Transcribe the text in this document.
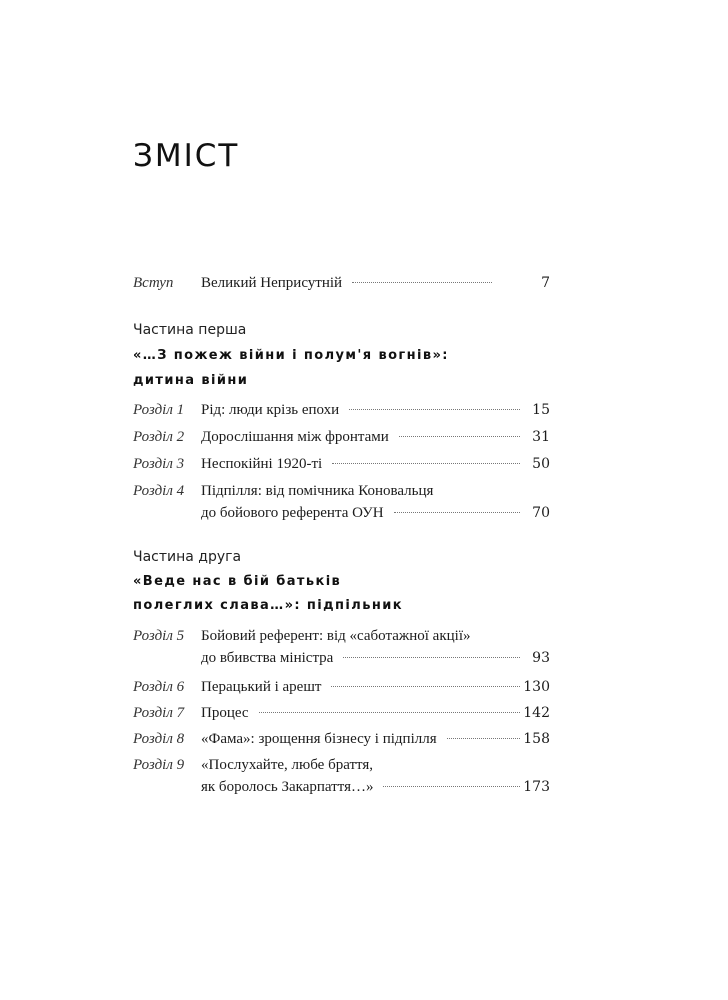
ЗМІСТ
Вступ Великий Неприсутній	7
Частина перша
«…З пожеж війни і полум'я вогнів»:
дитина війни
Розділ 1 Рід: люди крізь епохи	15
Розділ 2 Дорослішання між фронтами	31
Розділ 3 Неспокійні 1920-ті	50
Розділ 4 Підпілля: від помічника Коновальця
до бойового референта ОУН	70
Частина друга
«Веде нас в бій батьків
полеглих слава…»: підпільник
Розділ 5 Бойовий референт: від «саботажної акції»
до вбивства міністра	93
Розділ 6 Перацький і арешт	130
Розділ 7 Процес	142
Розділ 8 «Фама»: зрощення бізнесу і підпілля	158
Розділ 9 «Послухайте, любе браття,
як боролось Закарпаття…»	173
